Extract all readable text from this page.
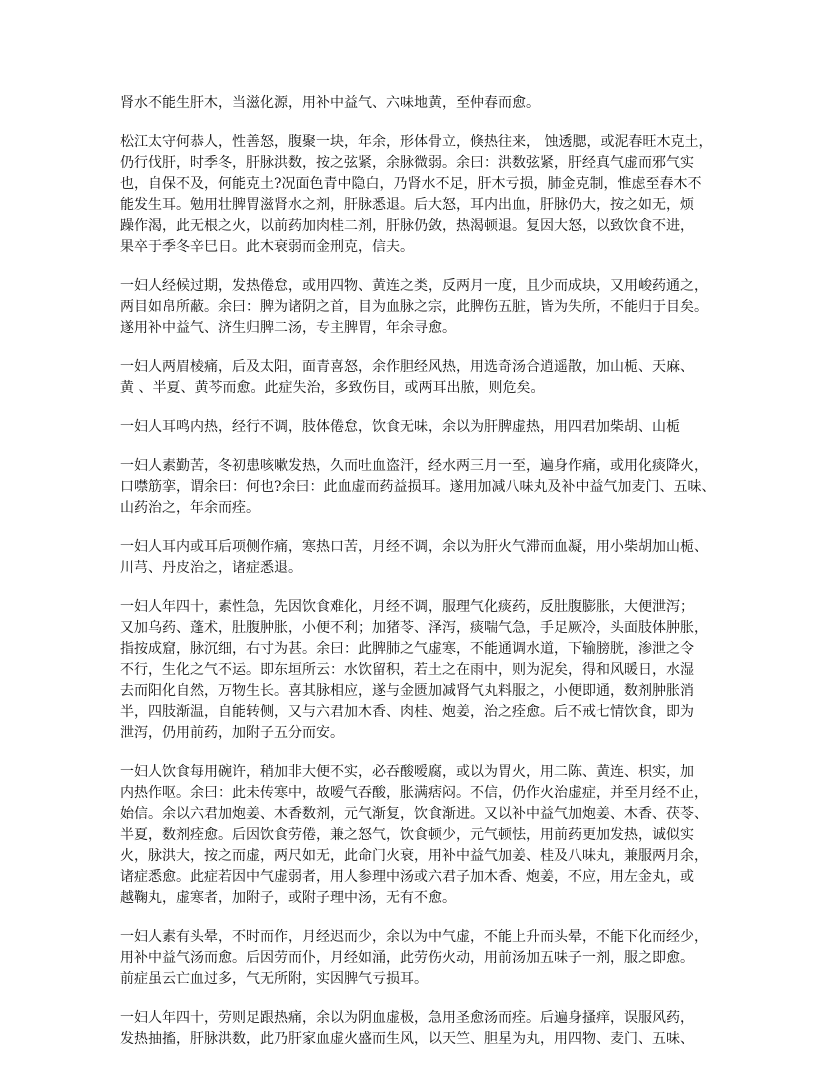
肾水不能生肝木，当滋化源，用补中益气、六味地黄，至仲春而愈。
松江太守何恭人，性善怒，腹聚一块，年余，形体骨立，倏热往来， 蚀透腮，或泥春旺木克土，
仍行伐肝，时季冬，肝脉洪数，按之弦紧，余脉微弱。余曰：洪数弦紧，肝经真气虚而邪气实
也，自保不及，何能克土?况面色青中隐白，乃肾水不足，肝木亏损，肺金克制，惟虑至春木不
能发生耳。勉用壮脾胃滋肾水之剂，肝脉悉退。后大怒，耳内出血，肝脉仍大，按之如无，烦
躁作渴，此无根之火，以前药加肉桂二剂，肝脉仍敛，热渴顿退。复因大怒，以致饮食不进，
果卒于季冬辛巳日。此木衰弱而金刑克，信夫。
一妇人经候过期，发热倦怠，或用四物、黄连之类，反两月一度，且少而成块，又用峻药通之，
两目如帛所蔽。余曰：脾为诸阴之首，目为血脉之宗，此脾伤五脏，皆为失所，不能归于目矣。
遂用补中益气、济生归脾二汤，专主脾胃，年余寻愈。
一妇人两眉棱痛，后及太阳，面青喜怒，余作胆经风热，用选奇汤合逍遥散，加山栀、天麻、
黄 、半夏、黄芩而愈。此症失治，多致伤目，或两耳出脓，则危矣。
一妇人耳鸣内热，经行不调，肢体倦怠，饮食无味，余以为肝脾虚热，用四君加柴胡、山栀
一妇人素勤苦，冬初患咳嗽发热，久而吐血盗汗，经水两三月一至，遍身作痛，或用化痰降火，
口噤筋挛，谓余曰：何也?余曰：此血虚而药益损耳。遂用加减八味丸及补中益气加麦门、五味、
山药治之，年余而痊。
一妇人耳内或耳后项侧作痛，寒热口苦，月经不调，余以为肝火气滞而血凝，用小柴胡加山栀、
川芎、丹皮治之，诸症悉退。
一妇人年四十，素性急，先因饮食难化，月经不调，服理气化痰药，反肚腹膨胀，大便泄泻；
又加乌药、蓬术，肚腹肿胀，小便不利；加猪苓、泽泻，痰喘气急，手足厥冷，头面肢体肿胀，
指按成窟，脉沉细，右寸为甚。余曰：此脾肺之气虚寒，不能通调水道，下输膀胱，渗泄之令
不行，生化之气不运。即东垣所云：水饮留积，若土之在雨中，则为泥矣，得和风暖日，水湿
去而阳化自然，万物生长。喜其脉相应，遂与金匮加减肾气丸料服之，小便即通，数剂肿胀消
半，四肢渐温，自能转侧，又与六君加木香、肉桂、炮姜，治之痊愈。后不戒七情饮食，即为
泄泻，仍用前药，加附子五分而安。
一妇人饮食每用碗许，稍加非大便不实，必吞酸嗳腐，或以为胃火，用二陈、黄连、枳实，加
内热作呕。余曰：此未传寒中，故嗳气吞酸，胀满痞闷。不信，仍作火治虚症，并至月经不止，
始信。余以六君加炮姜、木香数剂，元气渐复，饮食渐进。又以补中益气加炮姜、木香、茯苓、
半夏，数剂痊愈。后因饮食劳倦，兼之怒气，饮食顿少，元气顿怯，用前药更加发热，诚似实
火，脉洪大，按之而虚，两尺如无，此命门火衰，用补中益气加姜、桂及八味丸，兼服两月余，
诸症悉愈。此症若因中气虚弱者，用人参理中汤或六君子加木香、炮姜，不应，用左金丸，或
越鞠丸，虚寒者，加附子，或附子理中汤，无有不愈。
一妇人素有头晕，不时而作，月经迟而少，余以为中气虚，不能上升而头晕，不能下化而经少，
用补中益气汤而愈。后因劳而仆，月经如涌，此劳伤火动，用前汤加五味子一剂，服之即愈。
前症虽云亡血过多，气无所附，实因脾气亏损耳。
一妇人年四十，劳则足跟热痛，余以为阴血虚极，急用圣愈汤而痊。后遍身搔痒，误服风药，
发热抽搐，肝脉洪数，此乃肝家血虚火盛而生风，以天竺、胆星为丸，用四物、麦门、五味、
